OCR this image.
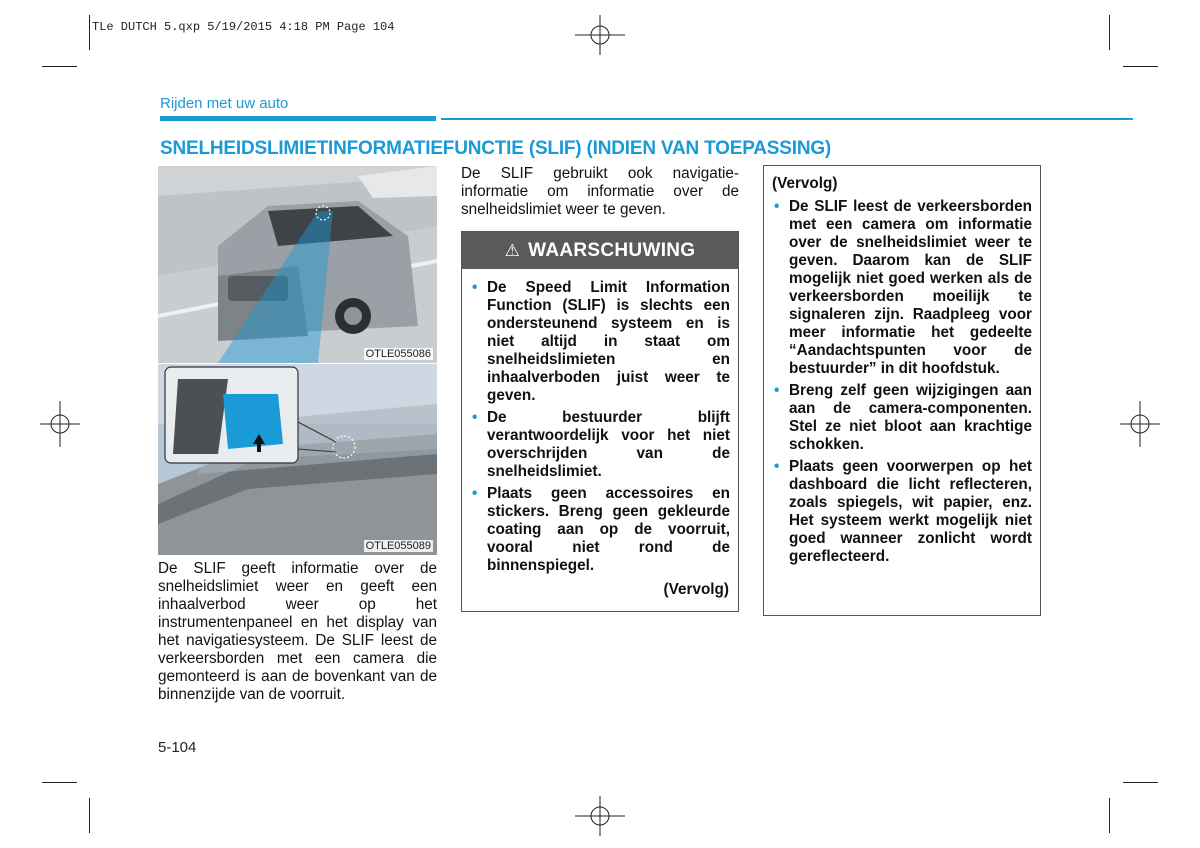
TLe DUTCH 5.qxp 5/19/2015 4:18 PM Page 104
Rijden met uw auto
SNELHEIDSLIMIETINFORMATIEFUNCTIE (SLIF) (INDIEN VAN TOEPASSING)
OTLE055086
OTLE055089
De SLIF geeft informatie over de snelheidslimiet weer en geeft een inhaalverbod weer op het instrumentenpaneel en het display van het navigatiesysteem. De SLIF leest de verkeersborden met een camera die gemonteerd is aan de bovenkant van de binnenzijde van de voorruit.
De SLIF gebruikt ook navigatie-informatie om informatie over de snelheidslimiet weer te geven.
⚠ WAARSCHUWING
• De Speed Limit Information Function (SLIF) is slechts een ondersteunend systeem en is niet altijd in staat om snelheidslimieten en inhaalverboden juist weer te geven.
• De bestuurder blijft verantwoordelijk voor het niet overschrijden van de snelheidslimiet.
• Plaats geen accessoires en stickers. Breng geen gekleurde coating aan op de voorruit, vooral niet rond de binnenspiegel.
(Vervolg)
(Vervolg)
• De SLIF leest de verkeersborden met een camera om informatie over de snelheidslimiet weer te geven. Daarom kan de SLIF mogelijk niet goed werken als de verkeersborden moeilijk te signaleren zijn. Raadpleeg voor meer informatie het gedeelte “Aandachtspunten voor de bestuurder” in dit hoofdstuk.
• Breng zelf geen wijzigingen aan aan de camera-componenten. Stel ze niet bloot aan krachtige schokken.
• Plaats geen voorwerpen op het dashboard die licht reflecteren, zoals spiegels, wit papier, enz. Het systeem werkt mogelijk niet goed wanneer zonlicht wordt gereflecteerd.
5-104
